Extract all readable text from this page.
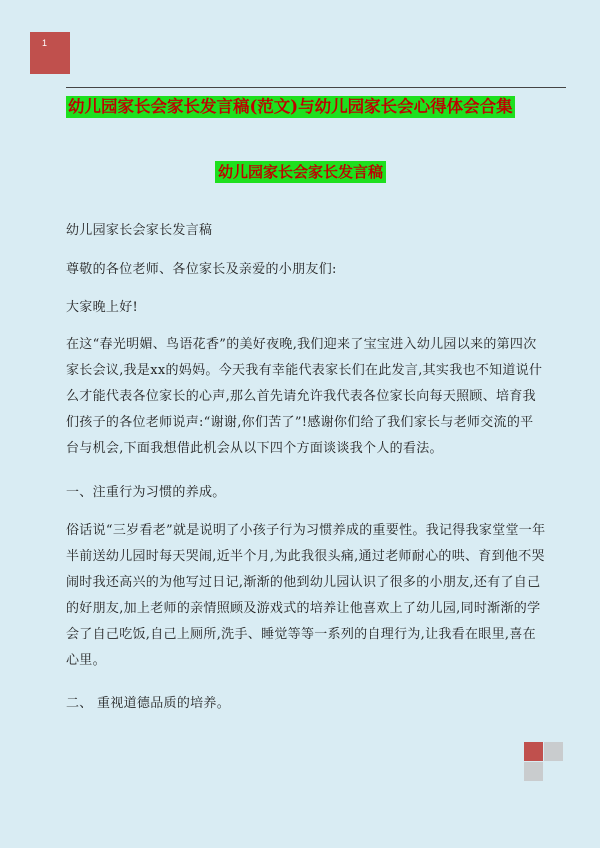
1
幼儿园家长会家长发言稿(范文)与幼儿园家长会心得体会合集
幼儿园家长会家长发言稿

幼儿园家长会家长发言稿

尊敬的各位老师、各位家长及亲爱的小朋友们:

大家晚上好!

在这“春光明媚、鸟语花香”的美好夜晚,我们迎来了宝宝进入幼儿园以来的第四次家长会议,我是xx的妈妈。今天我有幸能代表家长们在此发言,其实我也不知道说什么才能代表各位家长的心声,那么首先请允许我代表各位家长向每天照顾、培育我们孩子的各位老师说声:“谢谢,你们苦了”!感谢你们给了我们家长与老师交流的平台与机会,下面我想借此机会从以下四个方面谈谈我个人的看法。

一、注重行为习惯的养成。

俗话说“三岁看老”就是说明了小孩子行为习惯养成的重要性。我记得我家堂堂一年半前送幼儿园时每天哭闹,近半个月,为此我很头痛,通过老师耐心的哄、育到他不哭闹时我还高兴的为他写过日记,渐渐的他到幼儿园认识了很多的小朋友,还有了自己的好朋友,加上老师的亲情照顾及游戏式的培养让他喜欢上了幼儿园,同时渐渐的学会了自己吃饭,自己上厕所,洗手、睡觉等等一系列的自理行为,让我看在眼里,喜在心里。

二、 重视道德品质的培养。
